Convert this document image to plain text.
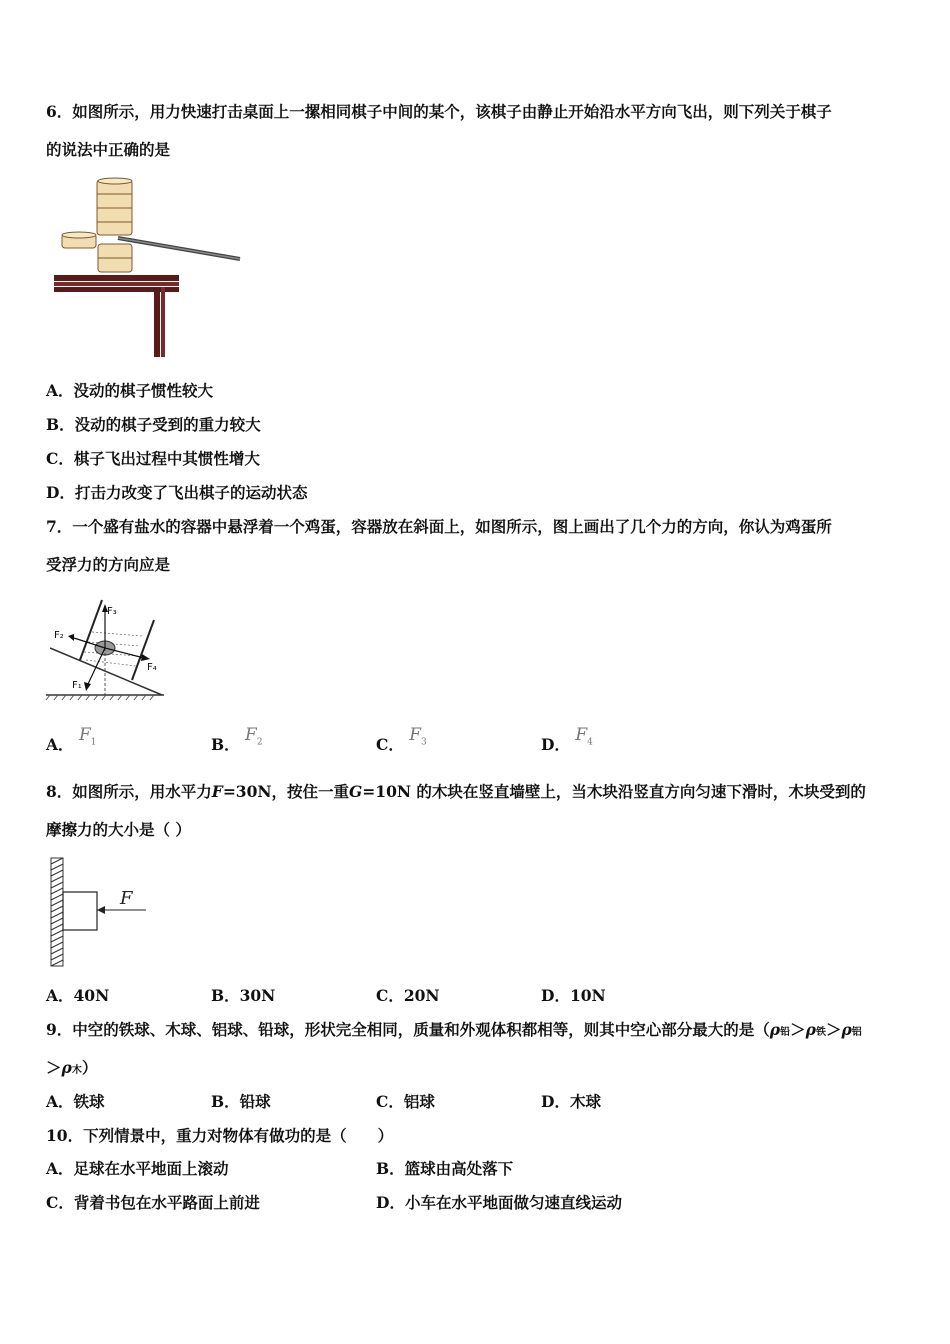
6．如图所示，用力快速打击桌面上一摞相同棋子中间的某个，该棋子由静止开始沿水平方向飞出，则下列关于棋子
的说法中正确的是
A．没动的棋子惯性较大
B．没动的棋子受到的重力较大
C．棋子飞出过程中其惯性增大
D．打击力改变了飞出棋子的运动状态
7．一个盛有盐水的容器中悬浮着一个鸡蛋，容器放在斜面上，如图所示，图上画出了几个力的方向，你认为鸡蛋所
受浮力的方向应是
F₃
F₂
F₄
F₁
A． $F_1$	B． $F_2$	C． $F_3$	D． $F_4$
8．如图所示，用水平力F=30N，按住一重G=10N 的木块在竖直墙壁上，当木块沿竖直方向匀速下滑时，木块受到的
摩擦力的大小是（ ）
F
A．40N	B．30N	C．20N	D．10N
9．中空的铁球、木球、铝球、铅球，形状完全相同，质量和外观体积都相等，则其中空心部分最大的是（ρ铅＞ρ铁＞ρ铝
＞ρ木）
A．铁球	B．铅球	C．铝球	D．木球
10．下列情景中，重力对物体有做功的是（　　）
A．足球在水平地面上滚动	B．篮球由高处落下
C．背着书包在水平路面上前进	D．小车在水平地面做匀速直线运动
